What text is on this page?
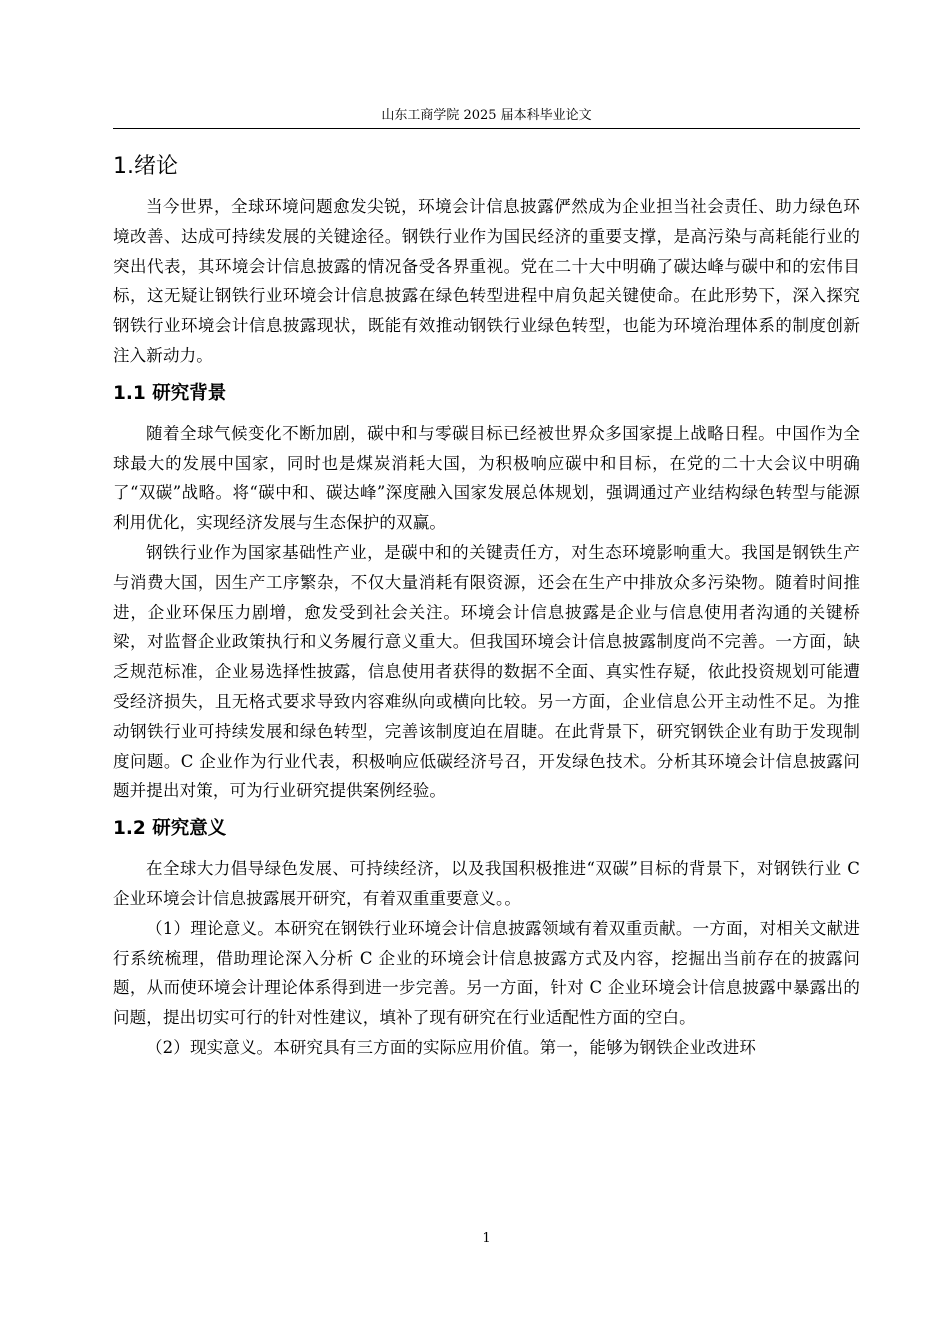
山东工商学院 2025 届本科毕业论文
1.绪论

当今世界，全球环境问题愈发尖锐，环境会计信息披露俨然成为企业担当社会责任、助力绿色环境改善、达成可持续发展的关键途径。钢铁行业作为国民经济的重要支撑，是高污染与高耗能行业的突出代表，其环境会计信息披露的情况备受各界重视。党在二十大中明确了碳达峰与碳中和的宏伟目标，这无疑让钢铁行业环境会计信息披露在绿色转型进程中肩负起关键使命。在此形势下，深入探究钢铁行业环境会计信息披露现状，既能有效推动钢铁行业绿色转型，也能为环境治理体系的制度创新注入新动力。

1.1 研究背景

随着全球气候变化不断加剧，碳中和与零碳目标已经被世界众多国家提上战略日程。中国作为全球最大的发展中国家，同时也是煤炭消耗大国，为积极响应碳中和目标，在党的二十大会议中明确了“双碳”战略。将“碳中和、碳达峰”深度融入国家发展总体规划，强调通过产业结构绿色转型与能源利用优化，实现经济发展与生态保护的双赢。

钢铁行业作为国家基础性产业，是碳中和的关键责任方，对生态环境影响重大。我国是钢铁生产与消费大国，因生产工序繁杂，不仅大量消耗有限资源，还会在生产中排放众多污染物。随着时间推进，企业环保压力剧增，愈发受到社会关注。环境会计信息披露是企业与信息使用者沟通的关键桥梁，对监督企业政策执行和义务履行意义重大。但我国环境会计信息披露制度尚不完善。一方面，缺乏规范标准，企业易选择性披露，信息使用者获得的数据不全面、真实性存疑，依此投资规划可能遭受经济损失，且无格式要求导致内容难纵向或横向比较。另一方面，企业信息公开主动性不足。为推动钢铁行业可持续发展和绿色转型，完善该制度迫在眉睫。在此背景下，研究钢铁企业有助于发现制度问题。C 企业作为行业代表，积极响应低碳经济号召，开发绿色技术。分析其环境会计信息披露问题并提出对策，可为行业研究提供案例经验。

1.2 研究意义

在全球大力倡导绿色发展、可持续经济，以及我国积极推进“双碳”目标的背景下，对钢铁行业 C 企业环境会计信息披露展开研究，有着双重重要意义。。

（1）理论意义。本研究在钢铁行业环境会计信息披露领域有着双重贡献。一方面，对相关文献进行系统梳理，借助理论深入分析 C 企业的环境会计信息披露方式及内容，挖掘出当前存在的披露问题，从而使环境会计理论体系得到进一步完善。另一方面，针对 C 企业环境会计信息披露中暴露出的问题，提出切实可行的针对性建议，填补了现有研究在行业适配性方面的空白。

（2）现实意义。本研究具有三方面的实际应用价值。第一，能够为钢铁企业改进环

1
